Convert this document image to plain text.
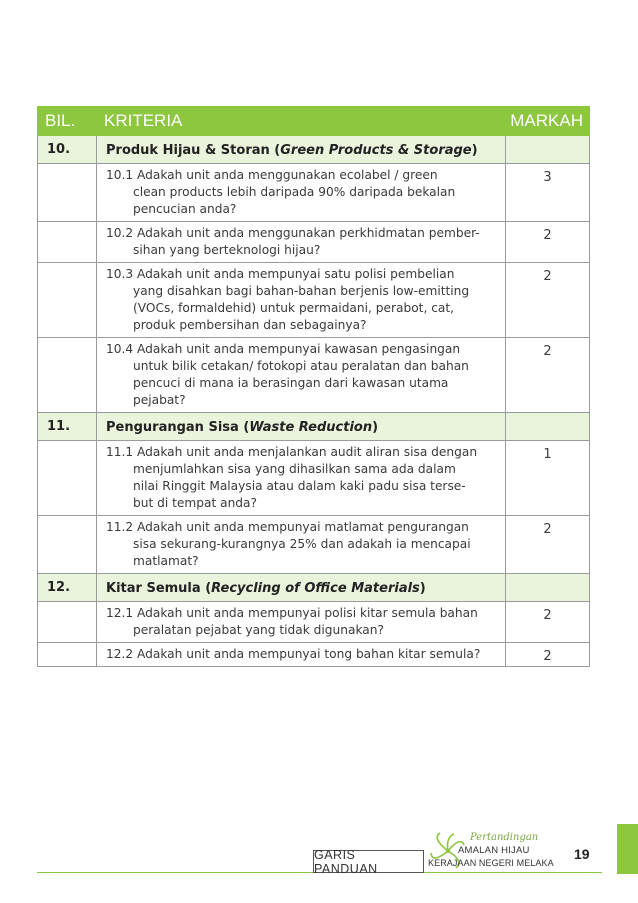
BIL.	KRITERIA	MARKAH
10.	Produk Hijau & Storan (Green Products & Storage)	

	10.1 Adakah unit anda menggunakan ecolabel / green
clean products lebih daripada 90% daripada bekalan
pencucian anda?	3

	10.2 Adakah unit anda menggunakan perkhidmatan pember-
sihan yang berteknologi hijau?	2

	10.3 Adakah unit anda mempunyai satu polisi pembelian
yang disahkan bagi bahan-bahan berjenis low-emitting
(VOCs, formaldehid) untuk permaidani, perabot, cat,
produk pembersihan dan sebagainya?	2

	10.4 Adakah unit anda mempunyai kawasan pengasingan
untuk bilik cetakan/ fotokopi atau peralatan dan bahan
pencuci di mana ia berasingan dari kawasan utama
pejabat?	2
11.	Pengurangan Sisa (Waste Reduction)	

	11.1 Adakah unit anda menjalankan audit aliran sisa dengan
menjumlahkan sisa yang dihasilkan sama ada dalam
nilai Ringgit Malaysia atau dalam kaki padu sisa terse-
but di tempat anda?	1

	11.2 Adakah unit anda mempunyai matlamat pengurangan
sisa sekurang-kurangnya 25% dan adakah ia mencapai
matlamat?	2
12.	Kitar Semula (Recycling of Office Materials)	

	12.1 Adakah unit anda mempunyai polisi kitar semula bahan
peralatan pejabat yang tidak digunakan?	2

	12.2 Adakah unit anda mempunyai tong bahan kitar semula?	2
GARIS PANDUAN
Pertandingan
AMALAN HIJAU
KERAJAAN NEGERI MELAKA
19
